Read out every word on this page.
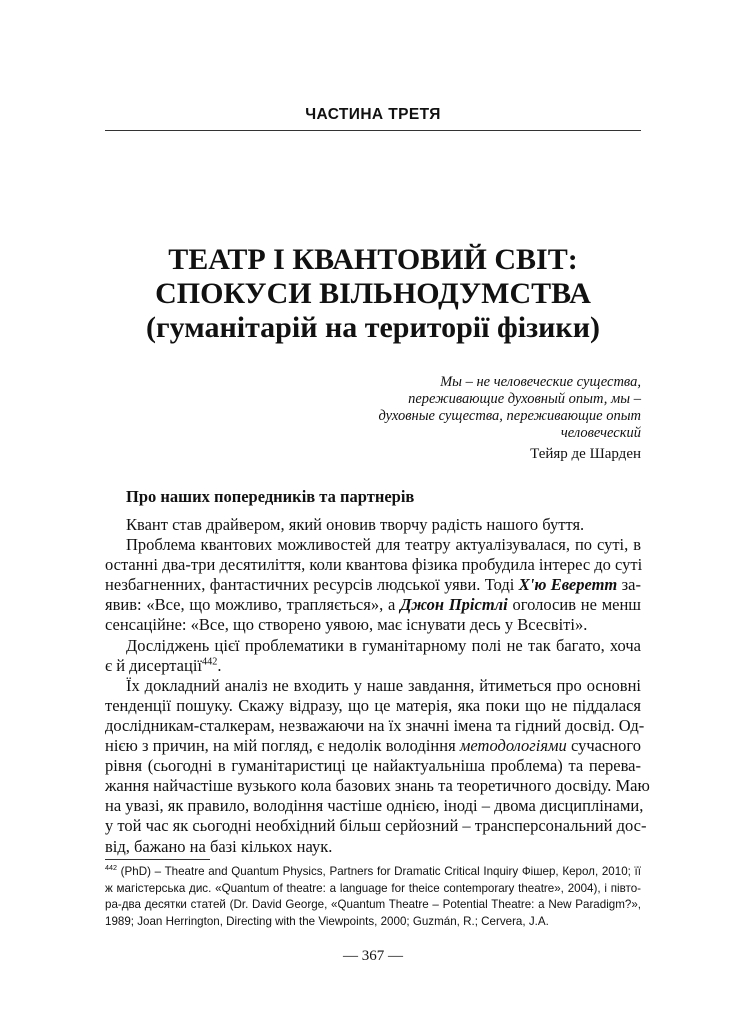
ЧАСТИНА ТРЕТЯ
ТЕАТР І КВАНТОВИЙ СВІТ:
СПОКУСИ ВІЛЬНОДУМСТВА
(гуманітарій на території фізики)
Мы – не человеческие существа,
переживающие духовный опыт, мы –
духовные существа, переживающие опыт
человеческий
Тейяр де Шарден
Про наших попередників та партнерів
Квант став драйвером, який оновив творчу радість нашого буття.
Проблема квантових можливостей для театру актуалізувалася, по суті, в
останні два-три десятиліття, коли квантова фізика пробудила інтерес до суті
незбагненних, фантастичних ресурсів людської уяви. Тоді Х'ю Еверетт за-
явив: «Все, що можливо, трапляється», а Джон Прістлі оголосив не менш
сенсаційне: «Все, що створено уявою, має існувати десь у Всесвіті».
Досліджень цієї проблематики в гуманітарному полі не так багато, хоча
є й дисертації$^{442}$.
Їх докладний аналіз не входить у наше завдання, йтиметься про основні
тенденції пошуку. Скажу відразу, що це матерія, яка поки що не піддалася
дослідникам-сталкерам, незважаючи на їх значні імена та гідний досвід. Од-
нією з причин, на мій погляд, є недолік володіння методологіями сучасного
рівня (сьогодні в гуманітаристиці це найактуальніша проблема) та перева-
жання найчастіше вузького кола базових знань та теоретичного досвіду. Маю
на увазі, як правило, володіння частіше однією, іноді – двома дисциплінами,
у той час як сьогодні необхідний більш серйозний – трансперсональний дос-
від, бажано на базі кількох наук.
$^{442}$ (PhD) – Theatre and Quantum Physics, Partners for Dramatic Critical Inquiry Фішер, Керол, 2010; її
ж магістерська дис. «Quantum of theatre: a language for theice contemporary theatre», 2004), і півто-
ра-два десятки статей (Dr. David George, «Quantum Theatre – Potential Theatre: a New Paradigm?»,
1989; Joan Herrington, Directing with the Viewpoints, 2000; Guzmán, R.; Cervera, J.A.
— 367 —
